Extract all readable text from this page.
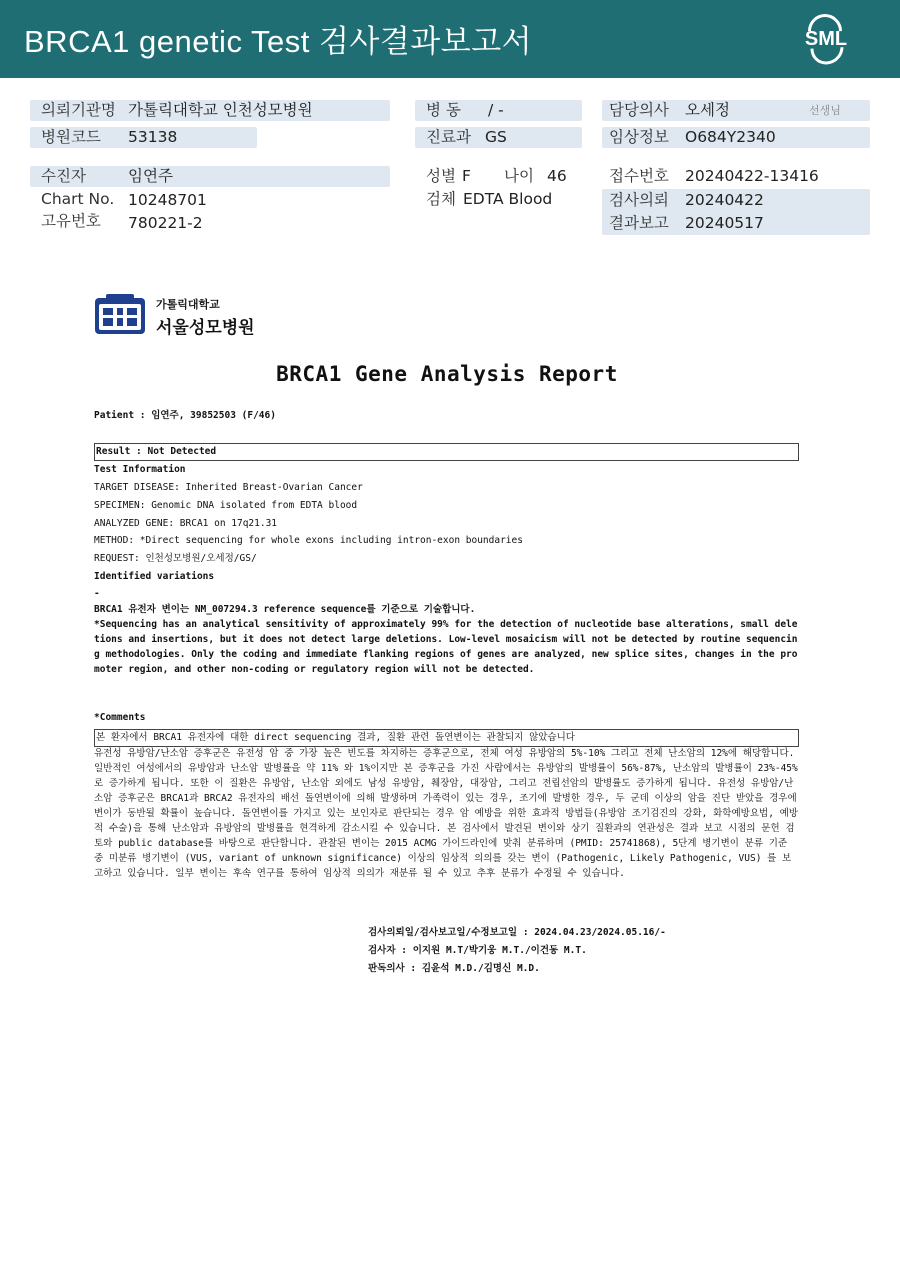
BRCA1 genetic Test 검사결과보고서	SML
의뢰기관명 가톨릭대학교 인천성모병원	병 동 / -	담당의사 오세정	선생님
병원코드 53138	진료과 GS	임상정보 O684Y2340
수진자	임연주	성별 F 나이 46	접수번호 20240422-13416
Chart No. 10248701	검체 EDTA Blood	검사의뢰 20240422
고유번호 780221-2	결과보고 20240517
가톨릭대학교
서울성모병원
BRCA1 Gene Analysis Report
Patient : 임연주, 39852503 (F/46)
Result : Not Detected
Test Information
TARGET DISEASE: Inherited Breast-Ovarian Cancer
SPECIMEN: Genomic DNA isolated from EDTA blood
ANALYZED GENE: BRCA1 on 17q21.31
METHOD: *Direct sequencing for whole exons including intron-exon boundaries
REQUEST: 인천성모병원/오세정/GS/
Identified variations
-
BRCA1 유전자 변이는 NM_007294.3 reference sequence를 기준으로 기술합니다.
*Sequencing has an analytical sensitivity of approximately 99% for the detection of nucleotide base alterations, small deletions and insertions, but it does not detect large deletions. Low-level mosaicism will not be detected by routine sequencing methodologies. Only the coding and immediate flanking regions of genes are analyzed, new splice sites, changes in the promoter region, and other non-coding or regulatory region will not be detected.
*Comments
본 환자에서 BRCA1 유전자에 대한 direct sequencing 결과, 질환 관련 돌연변이는 관찰되지 않았습니다
유전성 유방암/난소암 증후군은 유전성 암 중 가장 높은 빈도를 차지하는 증후군으로, 전체 여성 유방암의 5%-10% 그리고 전체 난소암의 12%에 해당합니다. 일반적인 여성에서의 유방암과 난소암 발병률을 약 11% 와 1%이지만 본 증후군을 가진 사람에서는 유방암의 발병률이 56%-87%, 난소암의 발병률이 23%-45%로 증가하게 됩니다. 또한 이 질환은 유방암, 난소암 외에도 남성 유방암, 췌장암, 대장암, 그리고 전립선암의 발병률도 증가하게 됩니다. 유전성 유방암/난소암 증후군은 BRCA1과 BRCA2 유전자의 배선 돌연변이에 의해 발생하며 가족력이 있는 경우, 조기에 발병한 경우, 두 군데 이상의 암을 진단 받았을 경우에 변이가 동반될 확률이 높습니다. 돌연변이를 가지고 있는 보인자로 판단되는 경우 암 예방을 위한 효과적 방법들(유방암 조기검진의 강화, 화학예방요법, 예방적 수술)을 통해 난소암과 유방암의 발병률을 현격하게 감소시킬 수 있습니다. 본 검사에서 발견된 변이와 상기 질환과의 연관성은 결과 보고 시점의 문헌 검토와 public database를 바탕으로 판단합니다. 관찰된 변이는 2015 ACMG 가이드라인에 맞춰 분류하며 (PMID: 25741868), 5단계 병기변이 분류 기준 중 미분류 병기변이 (VUS, variant of unknown significance) 이상의 임상적 의의를 갖는 변이 (Pathogenic, Likely Pathogenic, VUS) 를 보고하고 있습니다. 일부 변이는 후속 연구를 통하여 임상적 의의가 재분류 될 수 있고 추후 분류가 수정될 수 있습니다.
검사의뢰일/검사보고일/수정보고일 : 2024.04.23/2024.05.16/-
검사자 : 이지원 M.T/박기웅 M.T./이건동 M.T.
판독의사 : 김윤석 M.D./김명신 M.D.
